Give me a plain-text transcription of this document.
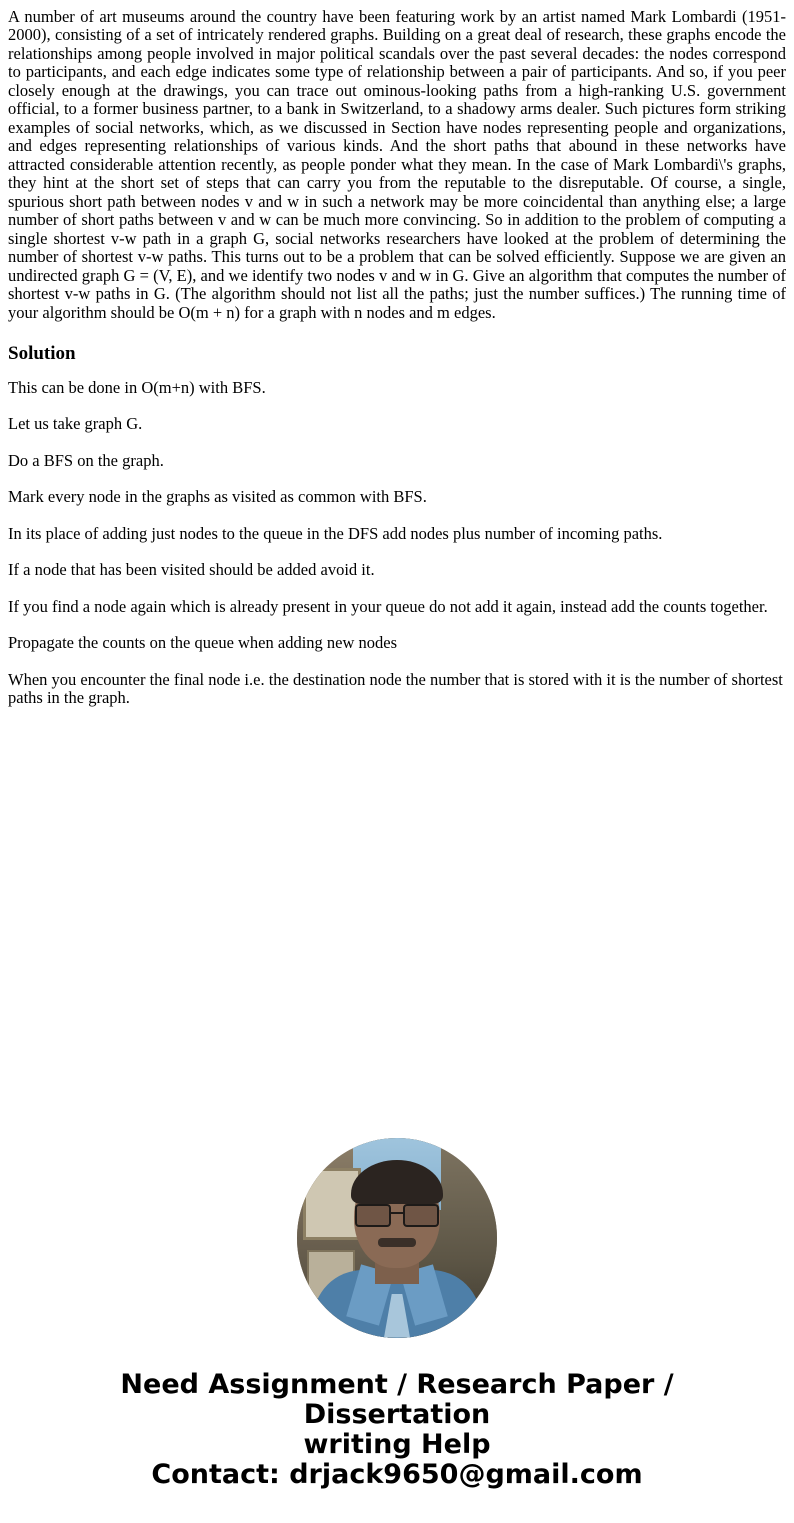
A number of art museums around the country have been featuring work by an artist named Mark Lombardi (1951-2000), consisting of a set of intricately rendered graphs. Building on a great deal of research, these graphs encode the relationships among people involved in major political scandals over the past several decades: the nodes correspond to participants, and each edge indicates some type of relationship between a pair of participants. And so, if you peer closely enough at the drawings, you can trace out ominous-looking paths from a high-ranking U.S. government official, to a former business partner, to a bank in Switzerland, to a shadowy arms dealer. Such pictures form striking examples of social networks, which, as we discussed in Section have nodes representing people and organizations, and edges representing relationships of various kinds. And the short paths that abound in these networks have attracted considerable attention recently, as people ponder what they mean. In the case of Mark Lombardi\'s graphs, they hint at the short set of steps that can carry you from the reputable to the disreputable. Of course, a single, spurious short path between nodes v and w in such a network may be more coincidental than anything else; a large number of short paths between v and w can be much more convincing. So in addition to the problem of computing a single shortest v-w path in a graph G, social networks researchers have looked at the problem of determining the number of shortest v-w paths. This turns out to be a problem that can be solved efficiently. Suppose we are given an undirected graph G = (V, E), and we identify two nodes v and w in G. Give an algorithm that computes the number of shortest v-w paths in G. (The algorithm should not list all the paths; just the number suffices.) The running time of your algorithm should be O(m + n) for a graph with n nodes and m edges.

Solution

This can be done in O(m+n) with BFS.

Let us take graph G.

Do a BFS on the graph.

Mark every node in the graphs as visited as common with BFS.

In its place of adding just nodes to the queue in the DFS add nodes plus number of incoming paths.

If a node that has been visited should be added avoid it.

If you find a node again which is already present in your queue do not add it again, instead add the counts together.

Propagate the counts on the queue when adding new nodes

When you encounter the final node i.e. the destination node the number that is stored with it is the number of shortest paths in the graph.

Need Assignment / Research Paper / Dissertation
writing Help
Contact: drjack9650@gmail.com
